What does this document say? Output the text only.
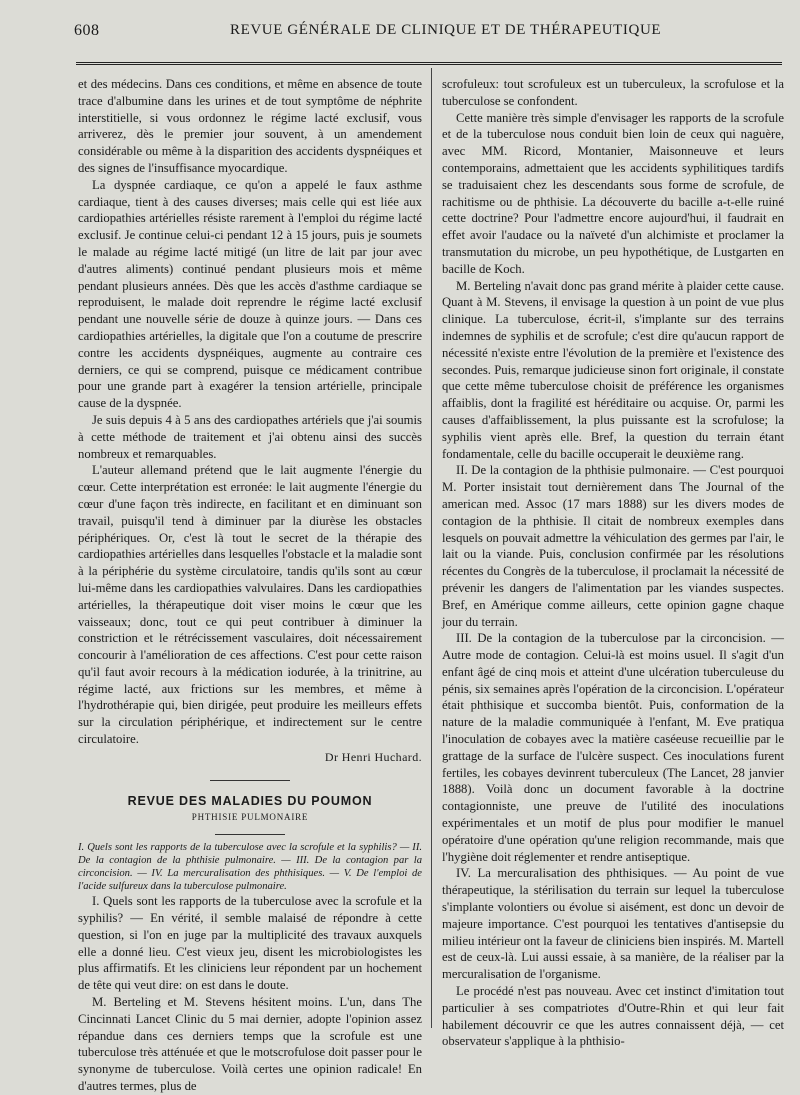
608	REVUE GÉNÉRALE DE CLINIQUE ET DE THÉRAPEUTIQUE

et des médecins. Dans ces conditions, et même en absence de toute trace d'albumine dans les urines et de tout symptôme de néphrite interstitielle, si vous ordonnez le régime lacté exclusif, vous arriverez, dès le premier jour souvent, à un amendement considérable ou même à la disparition des accidents dyspnéiques et des signes de l'insuffisance myocardique.

La dyspnée cardiaque, ce qu'on a appelé le faux asthme cardiaque, tient à des causes diverses; mais celle qui est liée aux cardiopathies artérielles résiste rarement à l'emploi du régime lacté exclusif. Je continue celui-ci pendant 12 à 15 jours, puis je soumets le malade au régime lacté mitigé (un litre de lait par jour avec d'autres aliments) continué pendant plusieurs mois et même pendant plusieurs années. Dès que les accès d'asthme cardiaque se reproduisent, le malade doit reprendre le régime lacté exclusif pendant une nouvelle série de douze à quinze jours. — Dans ces cardiopathies artérielles, la digitale que l'on a coutume de prescrire contre les accidents dyspnéiques, augmente au contraire ces derniers, ce qui se comprend, puisque ce médicament contribue pour une grande part à exagérer la tension artérielle, principale cause de la dyspnée.

Je suis depuis 4 à 5 ans des cardiopathes artériels que j'ai soumis à cette méthode de traitement et j'ai obtenu ainsi des succès nombreux et remarquables.

L'auteur allemand prétend que le lait augmente l'énergie du cœur. Cette interprétation est erronée: le lait augmente l'énergie du cœur d'une façon très indirecte, en facilitant et en diminuant son travail, puisqu'il tend à diminuer par la diurèse les obstacles périphériques. Or, c'est là tout le secret de la thérapie des cardiopathies artérielles dans lesquelles l'obstacle et la maladie sont à la périphérie du système circulatoire, tandis qu'ils sont au cœur lui-même dans les cardiopathies valvulaires. Dans les cardiopathies artérielles, la thérapeutique doit viser moins le cœur que les vaisseaux; donc, tout ce qui peut contribuer à diminuer la constriction et le rétrécissement vasculaires, doit nécessairement concourir à l'amélioration de ces affections. C'est pour cette raison qu'il faut avoir recours à la médication iodurée, à la trinitrine, au régime lacté, aux frictions sur les membres, et même à l'hydrothérapie qui, bien dirigée, peut produire les meilleurs effets sur la circulation périphérique, et indirectement sur le centre circulatoire.

Dr Henri Huchard.
REVUE DES MALADIES DU POUMON
PHTHISIE PULMONAIRE

I. Quels sont les rapports de la tuberculose avec la scrofule et la syphilis? — II. De la contagion de la phthisie pulmonaire. — III. De la contagion par la circoncision. — IV. La mercuralisation des phthisiques. — V. De l'emploi de l'acide sulfureux dans la tuberculose pulmonaire.

I. Quels sont les rapports de la tuberculose avec la scrofule et la syphilis? — En vérité, il semble malaisé de répondre à cette question, si l'on en juge par la multiplicité des travaux auxquels elle a donné lieu. C'est vieux jeu, disent les microbiologistes les plus affirmatifs. Et les cliniciens leur répondent par un hochement de tête qui veut dire: on est dans le doute.

M. Berteling et M. Stevens hésitent moins. L'un, dans The Cincinnati Lancet Clinic du 5 mai dernier, adopte l'opinion assez répandue dans ces derniers temps que la scrofule est une tuberculose très atténuée et que le motscrofulose doit passer pour le synonyme de tuberculose. Voilà certes une opinion radicale! En d'autres termes, plus de

scrofuleux: tout scrofuleux est un tuberculeux, la scrofulose et la tuberculose se confondent.

Cette manière très simple d'envisager les rapports de la scrofule et de la tuberculose nous conduit bien loin de ceux qui naguère, avec MM. Ricord, Montanier, Maisonneuve et leurs contemporains, admettaient que les accidents syphilitiques tardifs se traduisaient chez les descendants sous forme de scrofule, de rachitisme ou de phthisie. La découverte du bacille a-t-elle ruiné cette doctrine? Pour l'admettre encore aujourd'hui, il faudrait en effet avoir l'audace ou la naïveté d'un alchimiste et proclamer la transmutation du microbe, un peu hypothétique, de Lustgarten en bacille de Koch.

M. Berteling n'avait donc pas grand mérite à plaider cette cause. Quant à M. Stevens, il envisage la question à un point de vue plus clinique. La tuberculose, écrit-il, s'implante sur des terrains indemnes de syphilis et de scrofule; c'est dire qu'aucun rapport de nécessité n'existe entre l'évolution de la première et l'existence des secondes. Puis, remarque judicieuse sinon fort originale, il constate que cette même tuberculose choisit de préférence les organismes affaiblis, dont la fragilité est héréditaire ou acquise. Or, parmi les causes d'affaiblissement, la plus puissante est la scrofulose; la syphilis vient après elle. Bref, la question du terrain étant fondamentale, celle du bacille occuperait le deuxième rang.

II. De la contagion de la phthisie pulmonaire. — C'est pourquoi M. Porter insistait tout dernièrement dans The Journal of the american med. Assoc (17 mars 1888) sur les divers modes de contagion de la phthisie. Il citait de nombreux exemples dans lesquels on pouvait admettre la véhiculation des germes par l'air, le lait ou la viande. Puis, conclusion confirmée par les résolutions récentes du Congrès de la tuberculose, il proclamait la nécessité de prévenir les dangers de l'alimentation par les viandes suspectes. Bref, en Amérique comme ailleurs, cette opinion gagne chaque jour du terrain.

III. De la contagion de la tuberculose par la circoncision. — Autre mode de contagion. Celui-là est moins usuel. Il s'agit d'un enfant âgé de cinq mois et atteint d'une ulcération tuberculeuse du pénis, six semaines après l'opération de la circoncision. L'opérateur était phthisique et succomba bientôt. Puis, conformation de la nature de la maladie communiquée à l'enfant, M. Eve pratiqua l'inoculation de cobayes avec la matière caséeuse recueillie par le grattage de la surface de l'ulcère suspect. Ces inoculations furent fertiles, les cobayes devinrent tuberculeux (The Lancet, 28 janvier 1888). Voilà donc un document favorable à la doctrine contagionniste, une preuve de l'utilité des inoculations expérimentales et un motif de plus pour modifier le manuel opératoire d'une opération qu'une religion recommande, mais que l'hygiène doit réglementer et rendre antiseptique.

IV. La mercuralisation des phthisiques. — Au point de vue thérapeutique, la stérilisation du terrain sur lequel la tuberculose s'implante volontiers ou évolue si aisément, est donc un devoir de majeure importance. C'est pourquoi les tentatives d'antisepsie du milieu intérieur ont la faveur de cliniciens bien inspirés. M. Martell est de ceux-là. Lui aussi essaie, à sa manière, de la réaliser par la mercuralisation de l'organisme.

Le procédé n'est pas nouveau. Avec cet instinct d'imitation tout particulier à ses compatriotes d'Outre-Rhin et qui leur fait habilement découvrir ce que les autres connaissent déjà, — cet observateur s'applique à la phthisio-
